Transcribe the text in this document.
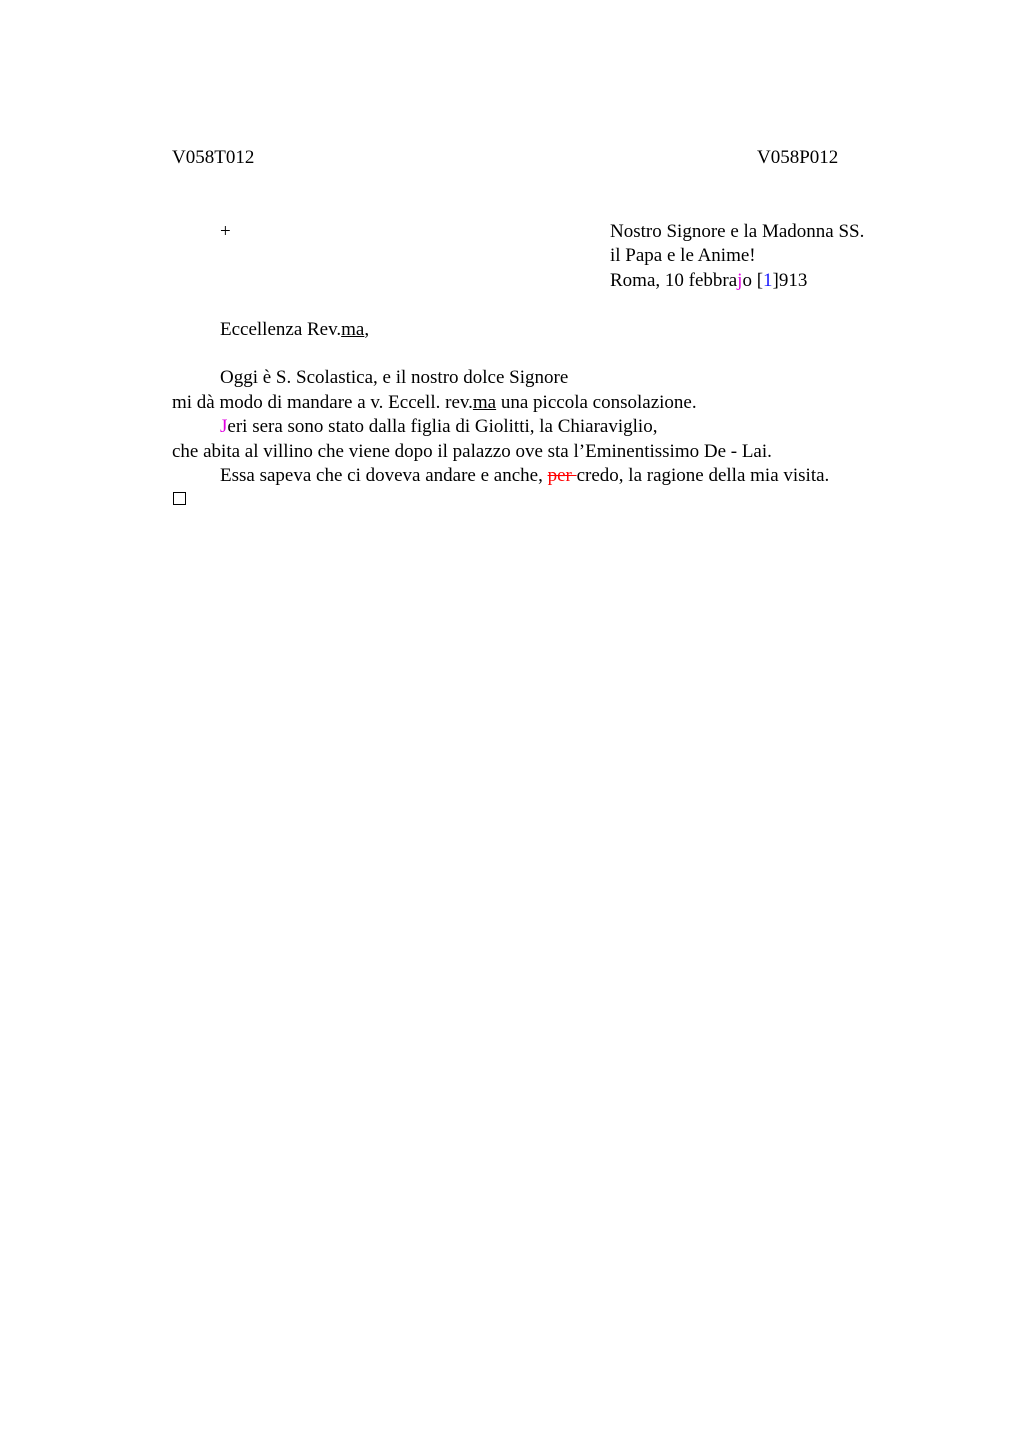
V058T012	V058P012
+	Nostro Signore e la Madonna SS.
il Papa e le Anime!
Roma, 10 febbrajo [1]913
Eccellenza Rev.ma,
Oggi è S. Scolastica, e il nostro dolce Signore
mi dà modo di mandare a v. Eccell. rev.ma una piccola consolazione.
Jeri sera sono stato dalla figlia di Giolitti, la Chiaraviglio,
che abita al villino che viene dopo il palazzo ove sta l’Eminentissimo De - Lai.
Essa sapeva che ci doveva andare e anche, per credo, la ragione della mia visita.
